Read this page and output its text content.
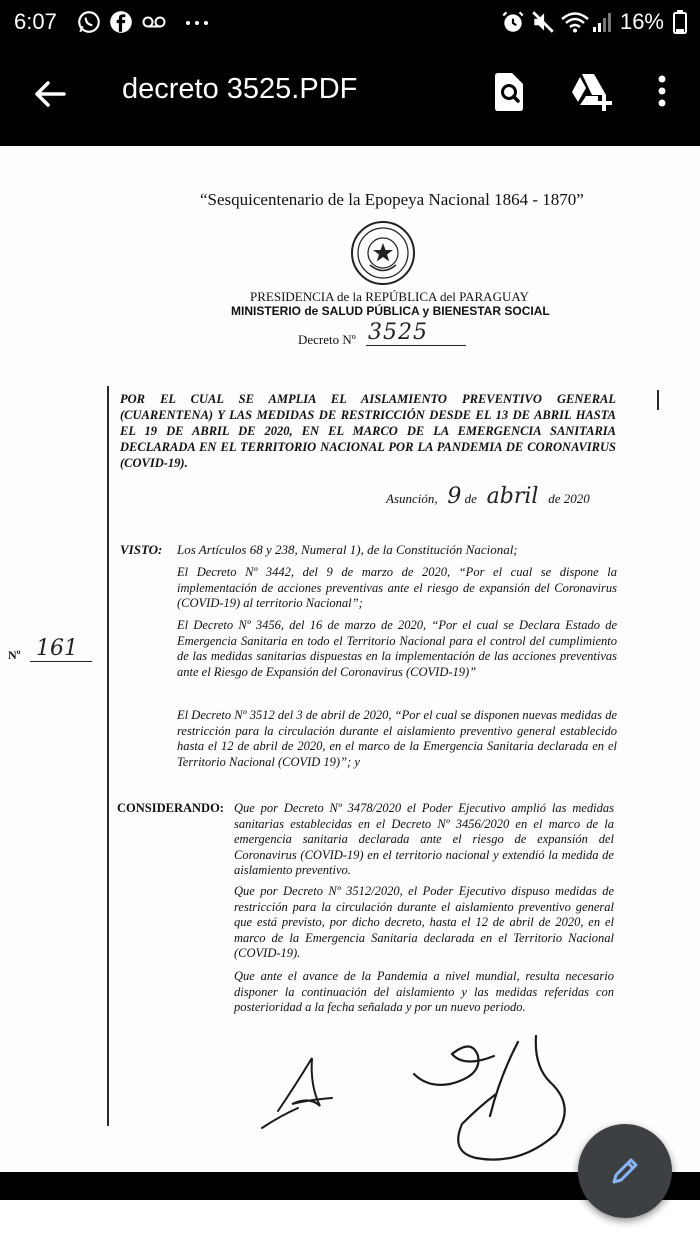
6:07	16%
decreto 3525.PDF
“Sesquicentenario de la Epopeya Nacional 1864 - 1870”
PRESIDENCIA de la REPÚBLICA del PARAGUAY
MINISTERIO de SALUD PÚBLICA y BIENESTAR SOCIAL
Decreto Nº 3525
POR EL CUAL SE AMPLIA EL AISLAMIENTO PREVENTIVO GENERAL (CUARENTENA) Y LAS MEDIDAS DE RESTRICCIÓN DESDE EL 13 DE ABRIL HASTA EL 19 DE ABRIL DE 2020, EN EL MARCO DE LA EMERGENCIA SANITARIA DECLARADA EN EL TERRITORIO NACIONAL POR LA PANDEMIA DE CORONAVIRUS (COVID-19).
Asunción, 9 de abril de 2020
VISTO: Los Artículos 68 y 238, Numeral 1), de la Constitución Nacional;
El Decreto Nº 3442, del 9 de marzo de 2020, “Por el cual se dispone la implementación de acciones preventivas ante el riesgo de expansión del Coronavirus (COVID-19) al territorio Nacional”;
El Decreto Nº 3456, del 16 de marzo de 2020, “Por el cual se Declara Estado de Emergencia Sanitaria en todo el Territorio Nacional para el control del cumplimiento de las medidas sanitarias dispuestas en la implementación de las acciones preventivas ante el Riesgo de Expansión del Coronavirus (COVID-19)”
El Decreto Nº 3512 del 3 de abril de 2020, “Por el cual se disponen nuevas medidas de restricción para la circulación durante el aislamiento preventivo general establecido hasta el 12 de abril de 2020, en el marco de la Emergencia Sanitaria declarada en el Territorio Nacional (COVID 19)”; y
Nº 161
CONSIDERANDO: Que por Decreto Nº 3478/2020 el Poder Ejecutivo amplió las medidas sanitarias establecidas en el Decreto Nº 3456/2020 en el marco de la emergencia sanitaria declarada ante el riesgo de expansión del Coronavirus (COVID-19) en el territorio nacional y extendió la medida de aislamiento preventivo.
Que por Decreto Nº 3512/2020, el Poder Ejecutivo dispuso medidas de restricción para la circulación durante el aislamiento preventivo general que está previsto, por dicho decreto, hasta el 12 de abril de 2020, en el marco de la Emergencia Sanitaria declarada en el Territorio Nacional (COVID-19).
Que ante el avance de la Pandemia a nivel mundial, resulta necesario disponer la continuación del aislamiento y las medidas referidas con posterioridad a la fecha señalada y por un nuevo periodo.
